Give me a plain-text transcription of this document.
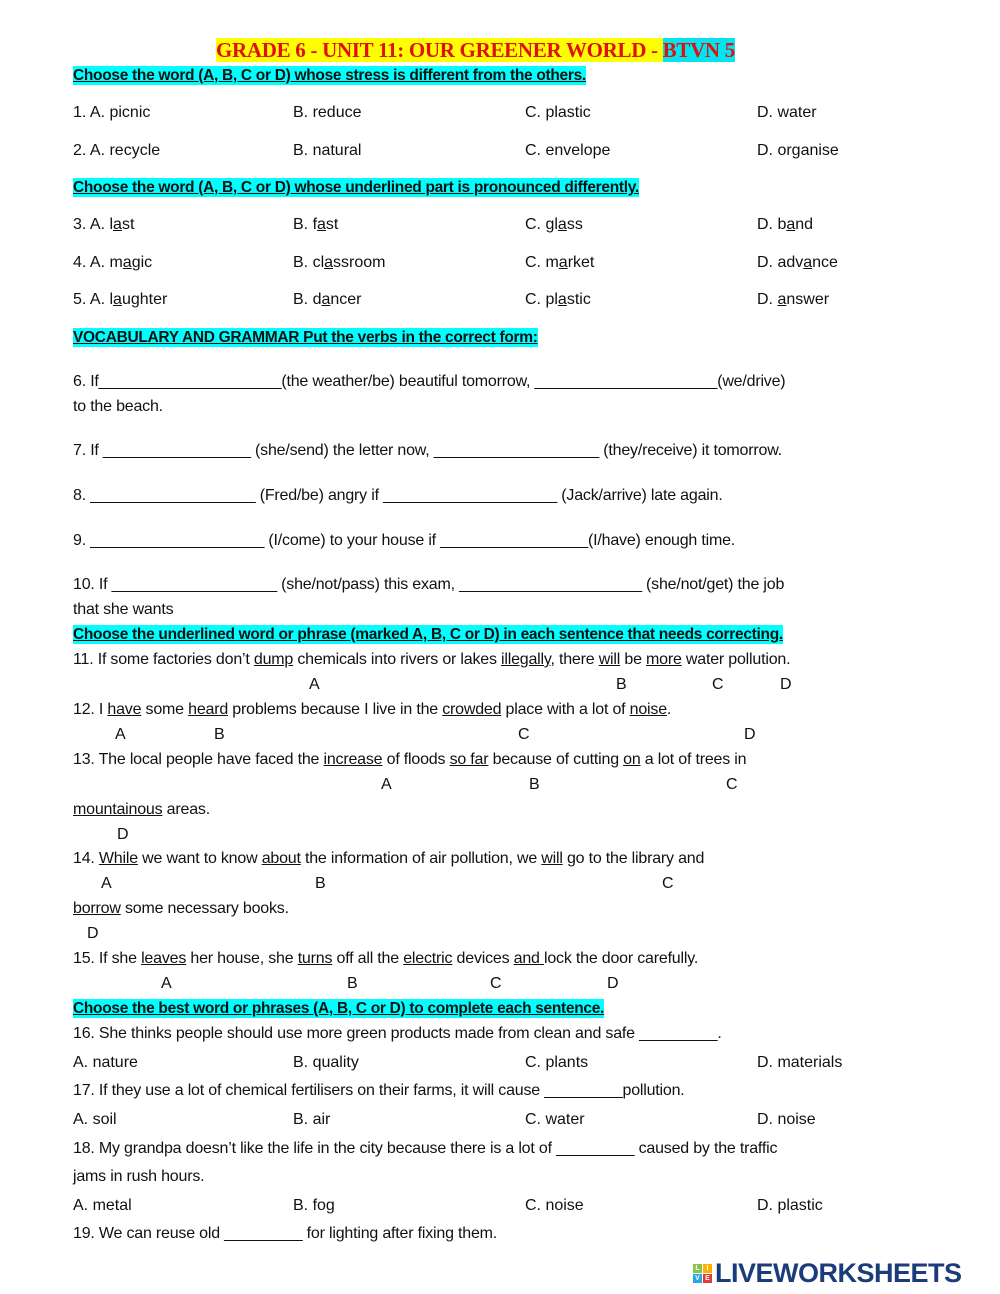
GRADE 6 - UNIT 11: OUR GREENER WORLD - BTVN 5
Choose the word (A, B, C or D) whose stress is different from the others.
1. A. picnic	B. reduce	C. plastic	D. water
2. A. recycle	B. natural	C. envelope	D. organise
Choose the word (A, B, C or D) whose underlined part is pronounced differently.
3. A. last	B. fast	C. glass	D. band
4. A. magic	B. classroom	C. market	D. advance
5. A. laughter	B. dancer	C. plastic	D. answer
VOCABULARY AND GRAMMAR Put the verbs in the correct form:
6. If_____________________(the weather/be) beautiful tomorrow, _____________________(we/drive)
to the beach.
7. If _________________ (she/send) the letter now, ___________________ (they/receive) it tomorrow.
8. ___________________ (Fred/be) angry if ____________________ (Jack/arrive) late again.
9. ____________________ (I/come) to your house if _________________(I/have) enough time.
10. If ___________________ (she/not/pass) this exam, _____________________ (she/not/get) the job
that she wants
Choose the underlined word or phrase (marked A, B, C or D) in each sentence that needs correcting.
11. If some factories don’t dump chemicals into rivers or lakes illegally, there will be more water pollution.
A	B	C	D
12. I have some heard problems because I live in the crowded place with a lot of noise.
A	B	C	D
13. The local people have faced the increase of floods so far because of cutting on a lot of trees in
A	B	C
mountainous areas.
D
14. While we want to know about the information of air pollution, we will go to the library and
A	B	C
borrow some necessary books.
D
15. If she leaves her house, she turns off all the electric devices and lock the door carefully.
A	B	C	D
Choose the best word or phrases (A, B, C or D) to complete each sentence.
16. She thinks people should use more green products made from clean and safe _________.
A. nature	B. quality	C. plants	D. materials
17. If they use a lot of chemical fertilisers on their farms, it will cause _________pollution.
A. soil	B. air	C. water	D. noise
18. My grandpa doesn’t like the life in the city because there is a lot of _________ caused by the traffic
jams in rush hours.
A. metal	B. fog	C. noise	D. plastic
19. We can reuse old _________ for lighting after fixing them.
L I
V E LIVEWORKSHEETS
